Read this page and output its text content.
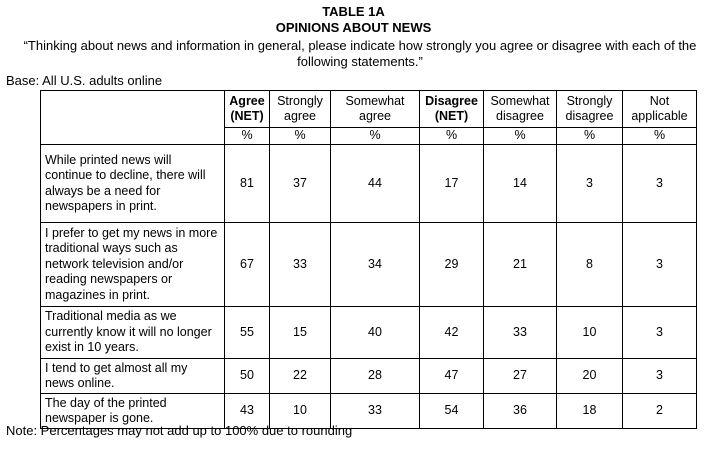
TABLE 1A
OPINIONS ABOUT NEWS
“Thinking about news and information in general, please indicate how strongly you agree or disagree with each of the following statements.”
Base: All U.S. adults online
	Agree (NET)	Strongly agree	Somewhat agree	Disagree (NET)	Somewhat disagree	Strongly disagree	Not applicable
	%	%	%	%	%	%	%
While printed news will continue to decline, there will always be a need for newspapers in print.	81	37	44	17	14	3	3
I prefer to get my news in more traditional ways such as network television and/or reading newspapers or magazines in print.	67	33	34	29	21	8	3
Traditional media as we currently know it will no longer exist in 10 years.	55	15	40	42	33	10	3
I tend to get almost all my news online.	50	22	28	47	27	20	3
The day of the printed newspaper is gone.	43	10	33	54	36	18	2
Note: Percentages may not add up to 100% due to rounding
